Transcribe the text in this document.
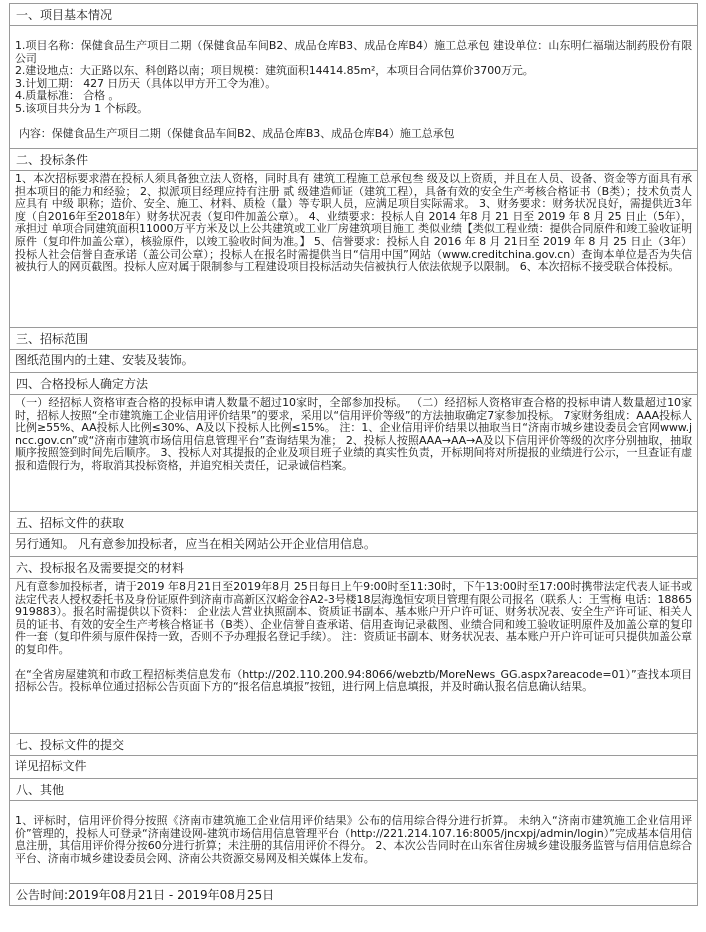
一、项目基本情况

1.项目名称：保健食品生产项目二期（保健食品车间B2、成品仓库B3、成品仓库B4）施工总承包 建设单位：山东明仁福瑞达制药股份有限公司

2.建设地点：大正路以东、科创路以南；项目规模：建筑面积14414.85m²，本项目合同估算价3700万元。

3.计划工期： 427 日历天（具体以甲方开工令为准）。

4.质量标准： 合格 。

5.该项目共分为 1 个标段。

内容：保健食品生产项目二期（保健食品车间B2、成品仓库B3、成品仓库B4）施工总承包

二、投标条件

1、本次招标要求潜在投标人须具备独立法人资格，同时具有 建筑工程施工总承包叁 级及以上资质，并且在人员、设备、资金等方面具有承担本项目的能力和经验； 2、拟派项目经理应持有注册 贰 级建造师证（建筑工程），具备有效的安全生产考核合格证书（B类）；技术负责人应具有 中级 职称；造价、安全、施工、材料、质检（量）等专职人员，应满足项目实际需求。 3、财务要求：财务状况良好，需提供近3年度（自2016年至2018年）财务状况表（复印件加盖公章）。 4、业绩要求：投标人自 2014 年8 月 21 日至 2019 年 8 月 25 日止（5年），承担过 单项合同建筑面积11000万平方米及以上公共建筑或工业厂房建筑项目施工 类似业绩【类似工程业绩：提供合同原件和竣工验收证明原件（复印件加盖公章），核验原件，以竣工验收时间为准。】 5、信誉要求：投标人自 2016 年 8 月 21日至 2019 年 8 月 25 日止（3年）投标人社会信誉自查承诺（盖公司公章）；投标人在报名时需提供当日“信用中国”网站（www.creditchina.gov.cn）查询本单位是否为失信被执行人的网页截图。投标人应对属于限制参与工程建设项目投标活动失信被执行人依法依规予以限制。 6、本次招标不接受联合体投标。

三、招标范围

图纸范围内的土建、安装及装饰。

四、合格投标人确定方法

（一）经招标人资格审查合格的投标申请人数量不超过10家时，全部参加投标。 （二）经招标人资格审查合格的投标申请人数量超过10家时，招标人按照“全市建筑施工企业信用评价结果”的要求，采用以“信用评价等级”的方法抽取确定7家参加投标。 7家财务组成：AAA投标人比例≥55%、AA投标人比例≤30%、A及以下投标人比例≤15%。 注：1、企业信用评价结果以抽取当日“济南市城乡建设委员会官网www.jncc.gov.cn”或“济南市建筑市场信用信息管理平台”查询结果为准； 2、投标人按照AAA→AA→A及以下信用评价等级的次序分别抽取，抽取顺序按照签到时间先后顺序。 3、投标人对其提报的企业及项目班子业绩的真实性负责，开标期间将对所提报的业绩进行公示，一旦查证有虚报和造假行为，将取消其投标资格，并追究相关责任，记录诚信档案。

五、招标文件的获取

另行通知。 凡有意参加投标者，应当在相关网站公开企业信用信息。

六、投标报名及需要提交的材料

凡有意参加投标者，请于2019 年8月21日至2019年8月 25日每日上午9:00时至11:30时，下午13:00时至17:00时携带法定代表人证书或法定代表人授权委托书及身份证原件到济南市高新区汉峪金谷A2-3号楼18层海逸恒安项目管理有限公司报名（联系人：王雪梅 电话：18865919883）。报名时需提供以下资料： 企业法人营业执照副本、资质证书副本、基本账户开户许可证、财务状况表、安全生产许可证、相关人员的证书、有效的安全生产考核合格证书（B类）、企业信誉自查承诺、信用查询记录截图、业绩合同和竣工验收证明原件及加盖公章的复印件一套（复印件须与原件保持一致，否则不予办理报名登记手续）。 注：资质证书副本、财务状况表、基本账户开户许可证可只提供加盖公章的复印件。

在“全省房屋建筑和市政工程招标类信息发布（http://202.110.200.94:8066/webztb/MoreNews_GG.aspx?areacode=01）”查找本项目招标公告。投标单位通过招标公告页面下方的“报名信息填报”按钮，进行网上信息填报，并及时确认报名信息确认结果。

七、投标文件的提交

详见招标文件

八、其他

1、评标时，信用评价得分按照《济南市建筑施工企业信用评价结果》公布的信用综合得分进行折算。 未纳入“济南市建筑施工企业信用评价”管理的，投标人可登录“济南建设网-建筑市场信用信息管理平台（http://221.214.107.16:8005/jncxpj/admin/login）”完成基本信用信息注册，其信用评价得分按60分进行折算；未注册的其信用评价不得分。 2、本次公告同时在山东省住房城乡建设服务监管与信用信息综合平台、济南市城乡建设委员会网、济南公共资源交易网及相关媒体上发布。

公告时间:2019年08月21日 - 2019年08月25日
